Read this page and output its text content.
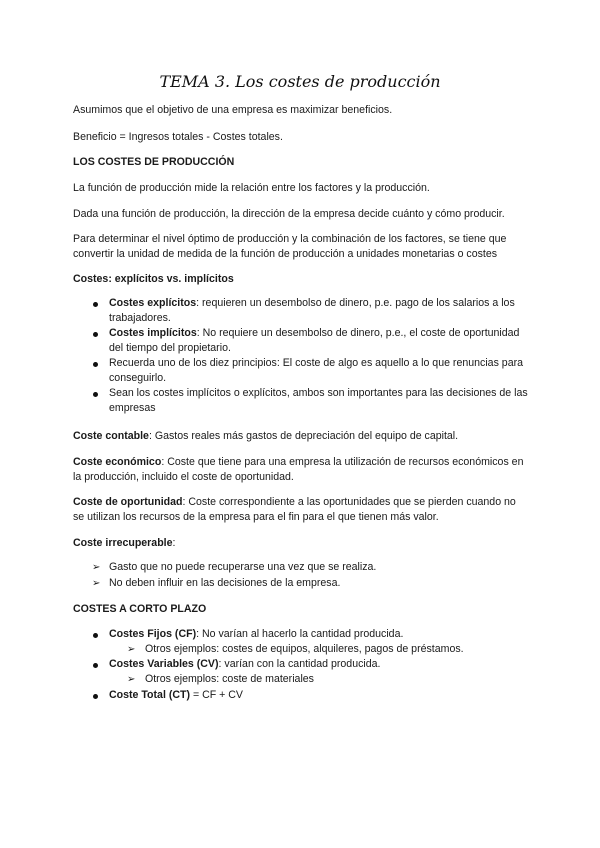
TEMA 3. Los costes de producción
Asumimos que el objetivo de una empresa es maximizar beneficios.
Beneficio = Ingresos totales - Costes totales.
LOS COSTES DE PRODUCCIÓN
La función de producción mide la relación entre los factores y la producción.
Dada una función de producción, la dirección de la empresa decide cuánto y cómo producir.
Para determinar el nivel óptimo de producción y la combinación de los factores, se tiene que
convertir la unidad de medida de la función de producción a unidades monetarias o costes
Costes: explícitos vs. implícitos
Costes explícitos: requieren un desembolso de dinero, p.e. pago de los salarios a los
trabajadores.
Costes implícitos: No requiere un desembolso de dinero, p.e., el coste de oportunidad
del tiempo del propietario.
Recuerda uno de los diez principios: El coste de algo es aquello a lo que renuncias para
conseguirlo.
Sean los costes implícitos o explícitos, ambos son importantes para las decisiones de las
empresas
Coste contable: Gastos reales más gastos de depreciación del equipo de capital.
Coste económico: Coste que tiene para una empresa la utilización de recursos económicos en
la producción, incluido el coste de oportunidad.
Coste de oportunidad: Coste correspondiente a las oportunidades que se pierden cuando no
se utilizan los recursos de la empresa para el fin para el que tienen más valor.
Coste irrecuperable:
➢ Gasto que no puede recuperarse una vez que se realiza.
➢ No deben influir en las decisiones de la empresa.
COSTES A CORTO PLAZO
Costes Fijos (CF): No varían al hacerlo la cantidad producida.
➢ Otros ejemplos: costes de equipos, alquileres, pagos de préstamos.
Costes Variables (CV): varían con la cantidad producida.
➢ Otros ejemplos: coste de materiales
Coste Total (CT) = CF + CV
